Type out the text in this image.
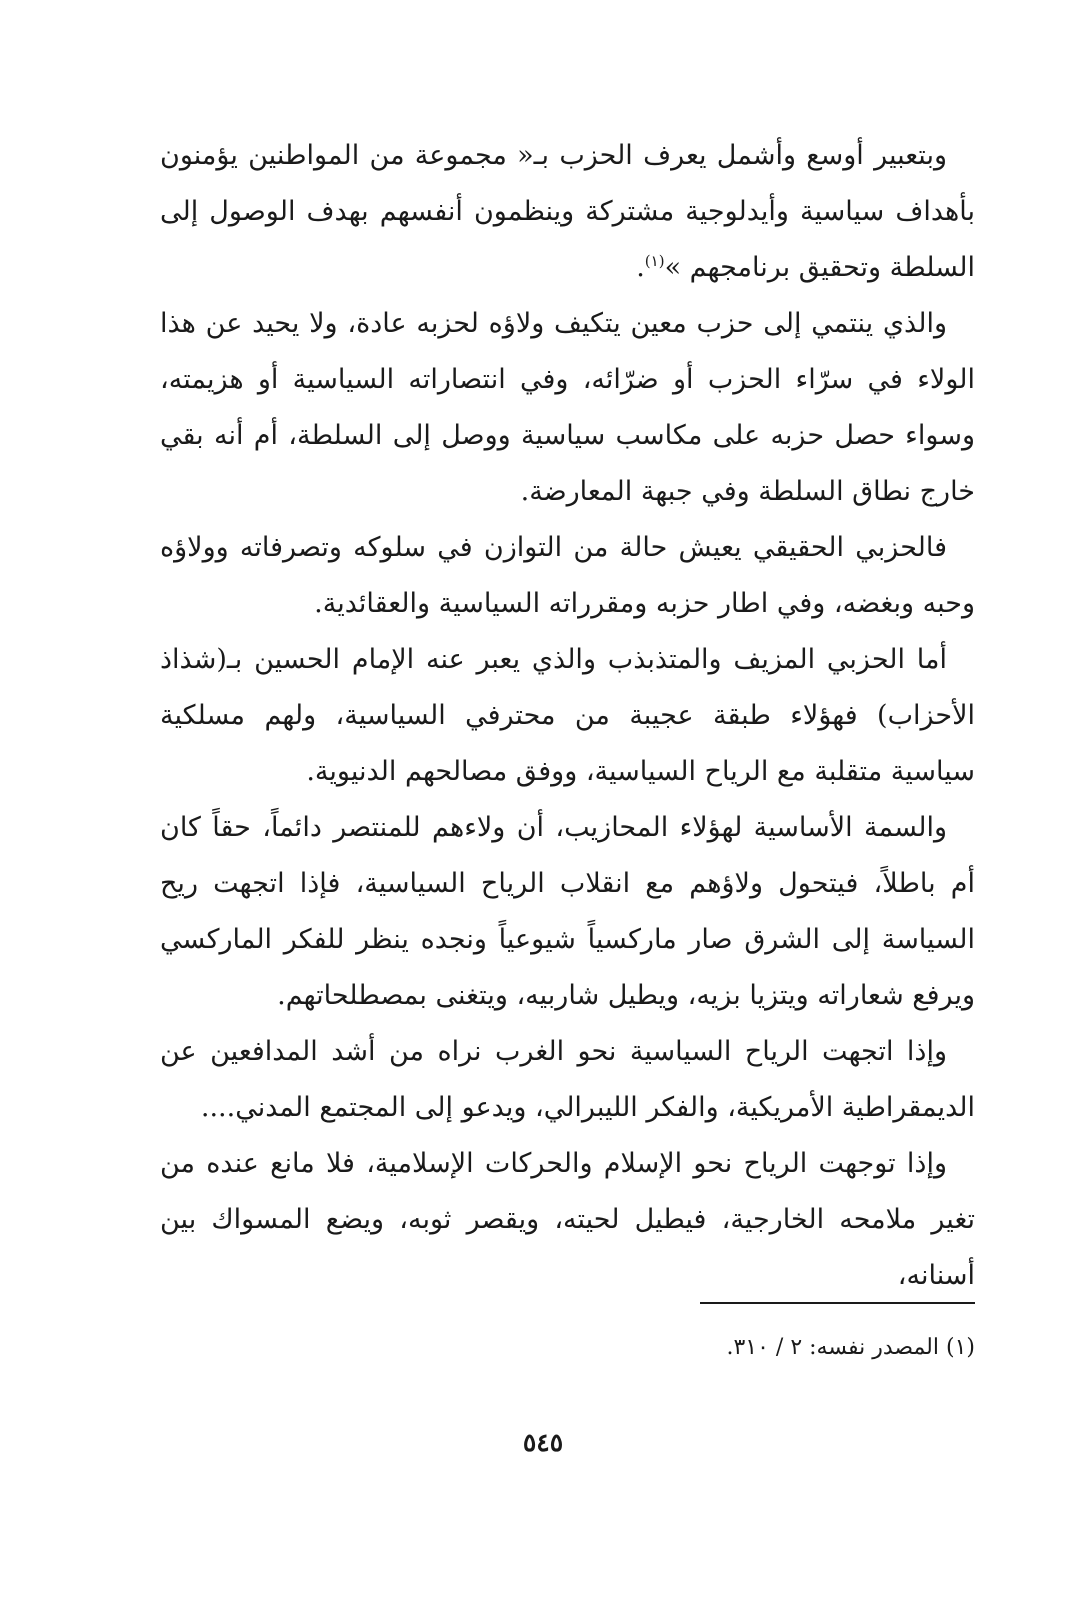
وبتعبير أوسع وأشمل يعرف الحزب بـ« مجموعة من المواطنين يؤمنون بأهداف سياسية وأيدلوجية مشتركة وينظمون أنفسهم بهدف الوصول إلى السلطة وتحقيق برنامجهم »$^{(١)}$.

والذي ينتمي إلى حزب معين يتكيف ولاؤه لحزبه عادة، ولا يحيد عن هذا الولاء في سرّاء الحزب أو ضرّائه، وفي انتصاراته السياسية أو هزيمته، وسواء حصل حزبه على مكاسب سياسية ووصل إلى السلطة، أم أنه بقي خارج نطاق السلطة وفي جبهة المعارضة.

فالحزبي الحقيقي يعيش حالة من التوازن في سلوكه وتصرفاته وولاؤه وحبه وبغضه، وفي اطار حزبه ومقرراته السياسية والعقائدية.

أما الحزبي المزيف والمتذبذب والذي يعبر عنه الإمام الحسين بـ(شذاذ الأحزاب) فهؤلاء طبقة عجيبة من محترفي السياسية، ولهم مسلكية سياسية متقلبة مع الرياح السياسية، ووفق مصالحهم الدنيوية.

والسمة الأساسية لهؤلاء المحازيب، أن ولاءهم للمنتصر دائماً، حقاً كان أم باطلاً، فيتحول ولاؤهم مع انقلاب الرياح السياسية، فإذا اتجهت ريح السياسة إلى الشرق صار ماركسياً شيوعياً ونجده ينظر للفكر الماركسي ويرفع شعاراته ويتزيا بزيه، ويطيل شاربيه، ويتغنى بمصطلحاتهم.

وإذا اتجهت الرياح السياسية نحو الغرب نراه من أشد المدافعين عن الديمقراطية الأمريكية، والفكر الليبرالي، ويدعو إلى المجتمع المدني....

وإذا توجهت الرياح نحو الإسلام والحركات الإسلامية، فلا مانع عنده من تغير ملامحه الخارجية، فيطيل لحيته، ويقصر ثوبه، ويضع المسواك بين أسنانه،

(١) المصدر نفسه: ٢ / ٣١٠.
٥٤٥
